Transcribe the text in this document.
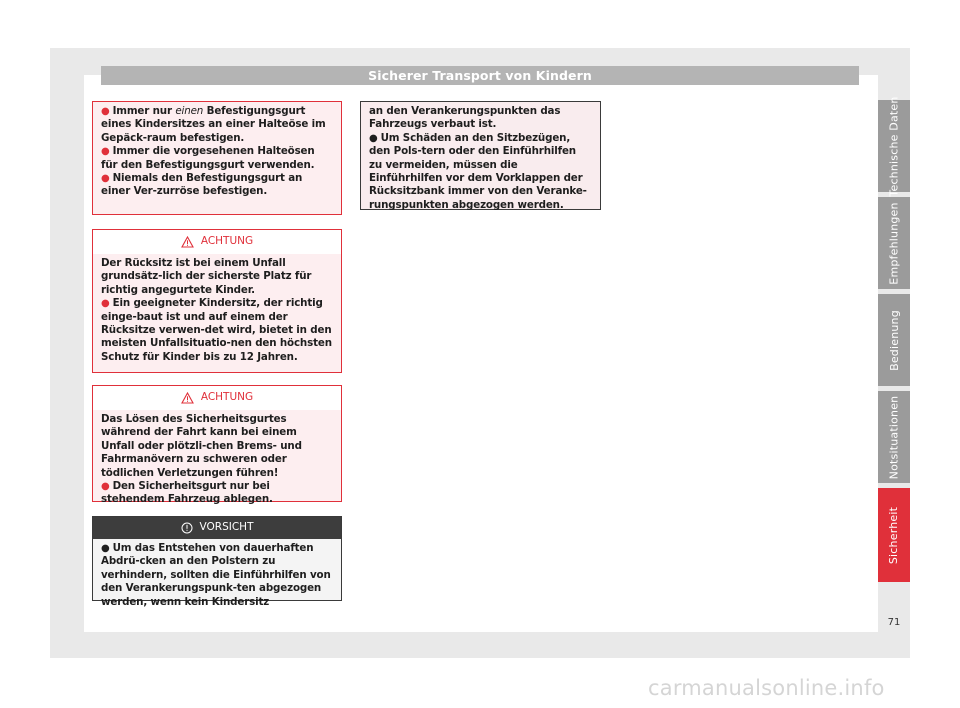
Sicherer Transport von Kindern

● Immer nur einen Befestigungsgurt eines Kindersitzes an einer Halteöse im Gepäck-raum befestigen.

● Immer die vorgesehenen Halteösen für den Befestigungsgurt verwenden.

● Niemals den Befestigungsgurt an einer Ver-zurröse befestigen.

ACHTUNG

Der Rücksitz ist bei einem Unfall grundsätz-lich der sicherste Platz für richtig angegurtete Kinder.

● Ein geeigneter Kindersitz, der richtig einge-baut ist und auf einem der Rücksitze verwen-det wird, bietet in den meisten Unfallsituatio-nen den höchsten Schutz für Kinder bis zu 12 Jahren.

ACHTUNG

Das Lösen des Sicherheitsgurtes während der Fahrt kann bei einem Unfall oder plötzli-chen Brems- und Fahrmanövern zu schweren oder tödlichen Verletzungen führen!

● Den Sicherheitsgurt nur bei stehendem Fahrzeug ablegen.

VORSICHT

● Um das Entstehen von dauerhaften Abdrü-cken an den Polstern zu verhindern, sollten die Einführhilfen von den Verankerungspunk-ten abgezogen werden, wenn kein Kindersitz

an den Verankerungspunkten das Fahrzeugs verbaut ist.

● Um Schäden an den Sitzbezügen, den Pols-tern oder den Einführhilfen zu vermeiden, müssen die Einführhilfen vor dem Vorklappen der Rücksitzbank immer von den Veranke-rungspunkten abgezogen werden.

Technische Daten
Empfehlungen
Bedienung
Notsituationen
Sicherheit
71
carmanualsonline.info
